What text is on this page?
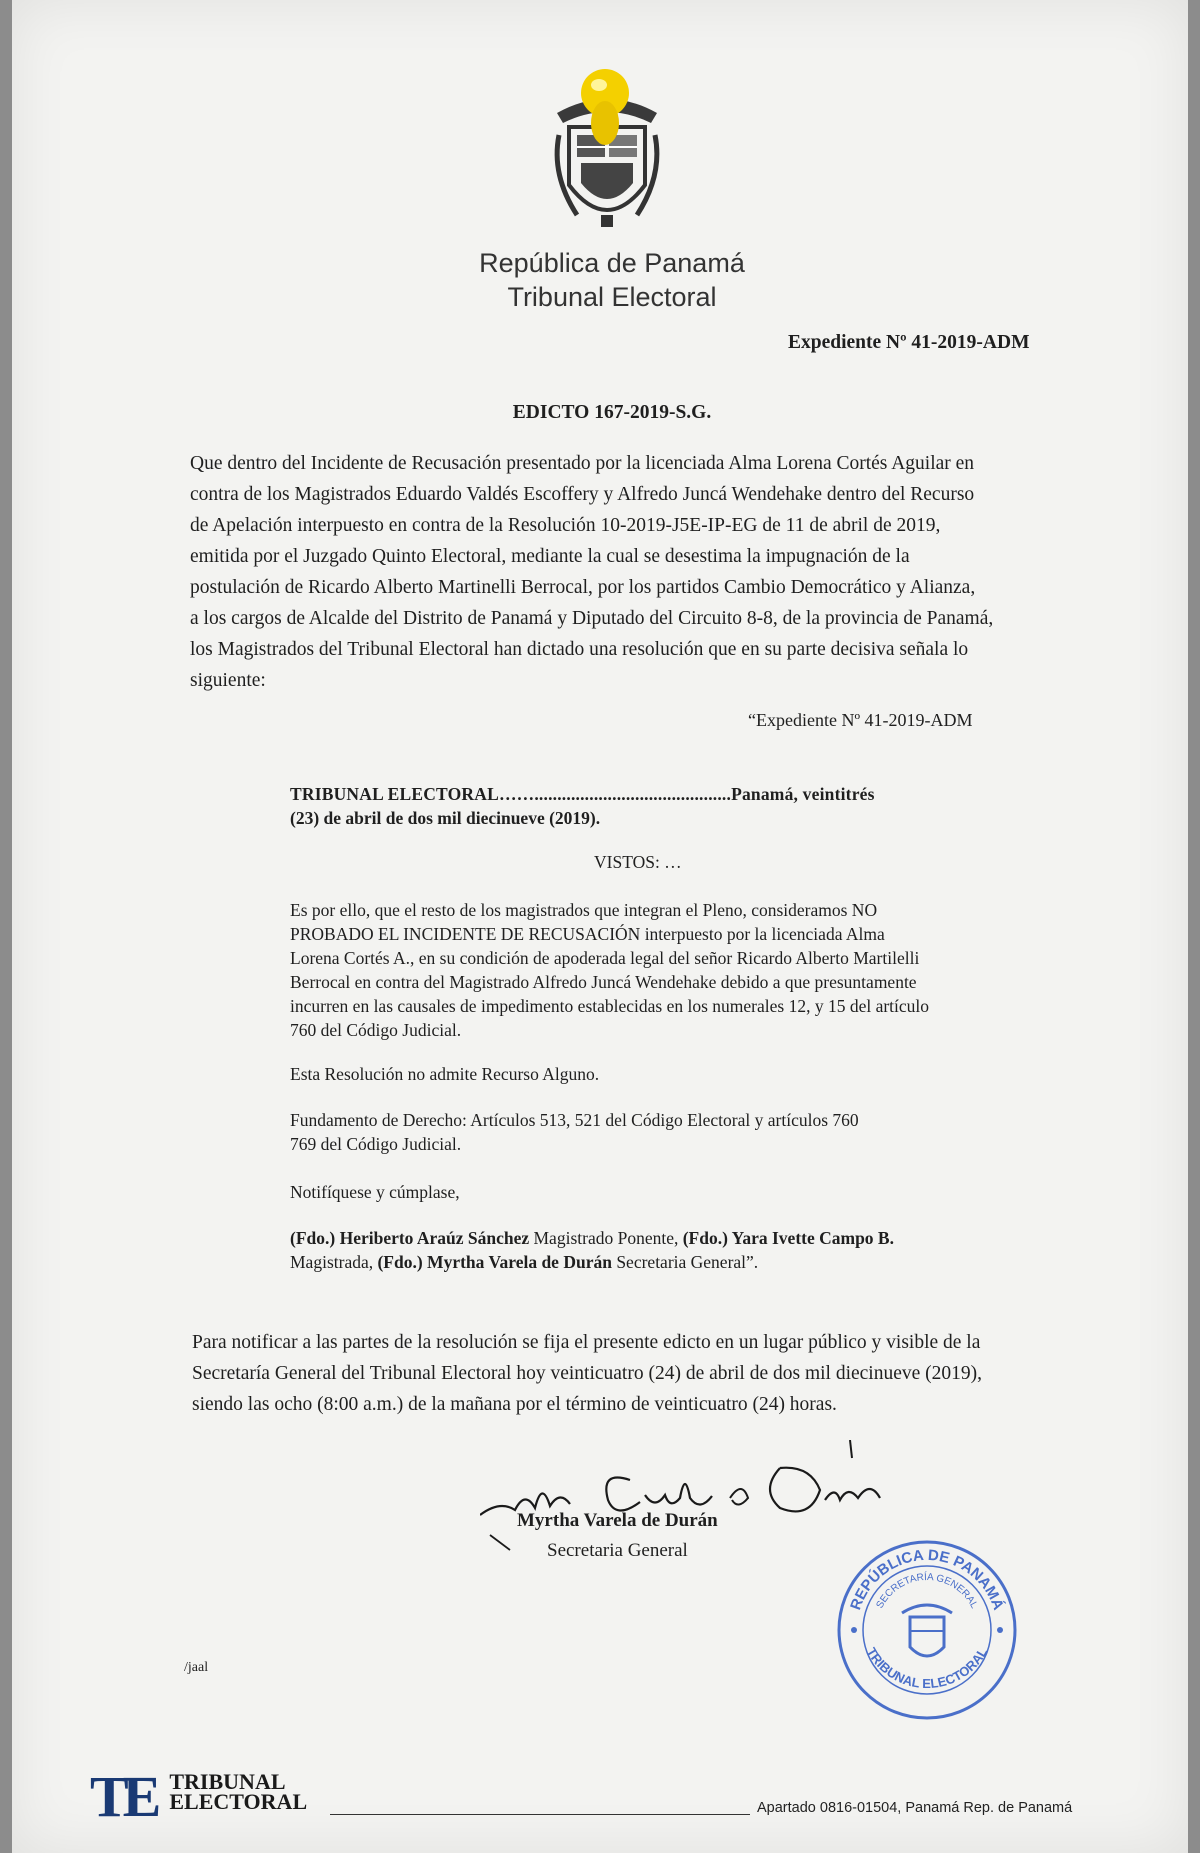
República de Panamá
Tribunal Electoral
Expediente Nº 41-2019-ADM
EDICTO 167-2019-S.G.
Que dentro del Incidente de Recusación presentado por la licenciada Alma Lorena Cortés Aguilar en
contra de los Magistrados Eduardo Valdés Escoffery y Alfredo Juncá Wendehake dentro del Recurso
de Apelación interpuesto en contra de la Resolución 10-2019-J5E-IP-EG de 11 de abril de 2019,
emitida por el Juzgado Quinto Electoral, mediante la cual se desestima la impugnación de la
postulación de Ricardo Alberto Martinelli Berrocal, por los partidos Cambio Democrático y Alianza,
a los cargos de Alcalde del Distrito de Panamá y Diputado del Circuito 8-8, de la provincia de Panamá,
los Magistrados del Tribunal Electoral han dictado una resolución que en su parte decisiva señala lo
siguiente:
“Expediente Nº 41-2019-ADM
TRIBUNAL ELECTORAL……...........................................Panamá, veintitrés
(23) de abril de dos mil diecinueve (2019).
VISTOS: …
Es por ello, que el resto de los magistrados que integran el Pleno, consideramos NO
PROBADO EL INCIDENTE DE RECUSACIÓN interpuesto por la licenciada Alma
Lorena Cortés A., en su condición de apoderada legal del señor Ricardo Alberto Martilelli
Berrocal en contra del Magistrado Alfredo Juncá Wendehake debido a que presuntamente
incurren en las causales de impedimento establecidas en los numerales 12, y 15 del artículo
760 del Código Judicial.
Esta Resolución no admite Recurso Alguno.
Fundamento de Derecho: Artículos 513, 521 del Código Electoral y artículos 760
769 del Código Judicial.
Notifíquese y cúmplase,
(Fdo.) Heriberto Araúz Sánchez Magistrado Ponente, (Fdo.) Yara Ivette Campo B.
Magistrada, (Fdo.) Myrtha Varela de Durán Secretaria General”.
Para notificar a las partes de la resolución se fija el presente edicto en un lugar público y visible de la
Secretaría General del Tribunal Electoral hoy veinticuatro (24) de abril de dos mil diecinueve (2019),
siendo las ocho (8:00 a.m.) de la mañana por el término de veinticuatro (24) horas.
Myrtha Varela de Durán
Secretaria General
REPÚBLICA DE PANAMÁ
SECRETARÍA GENERAL
TRIBUNAL ELECTORAL
/jaal
TE TRIBUNAL
ELECTORAL	Apartado 0816-01504, Panamá Rep. de Panamá
